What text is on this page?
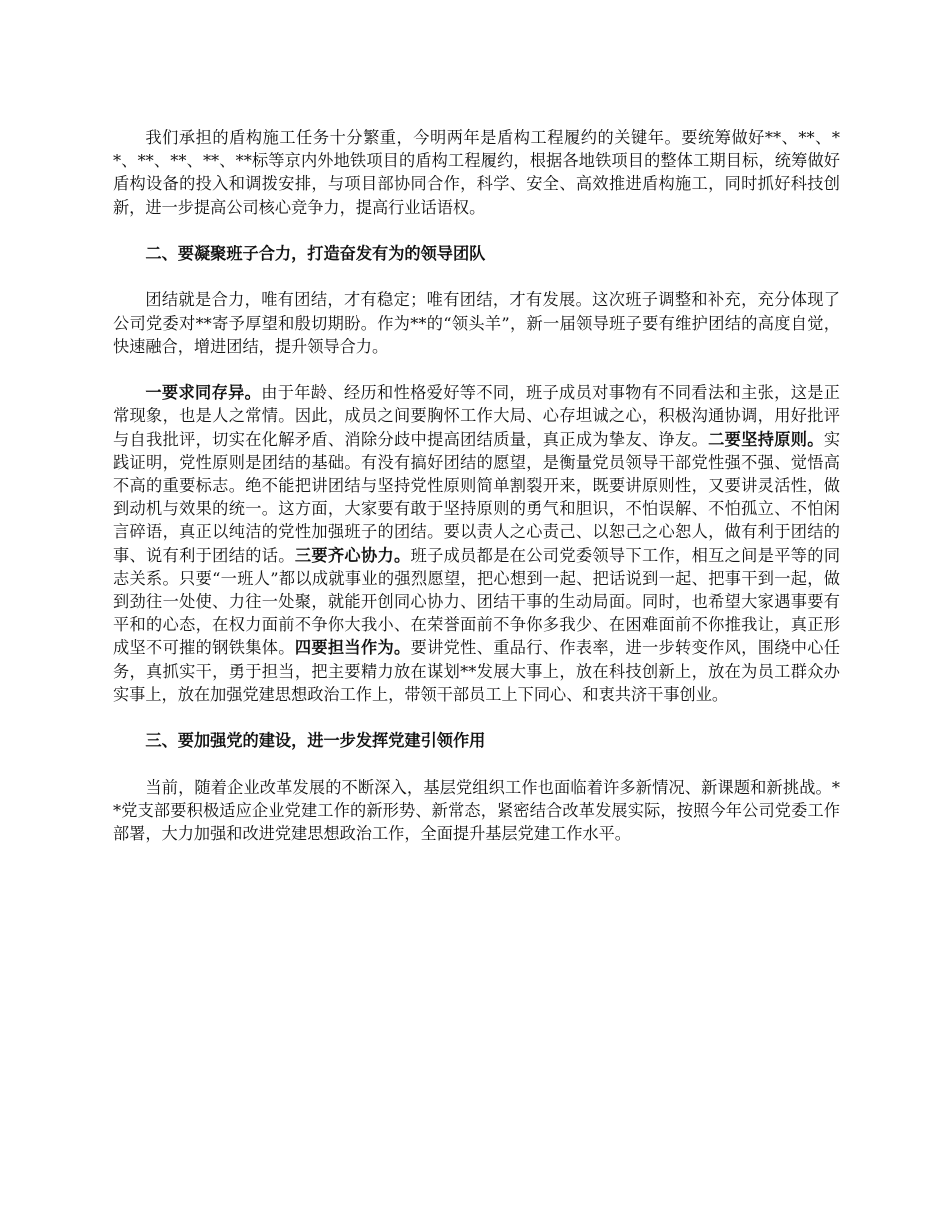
我们承担的盾构施工任务十分繁重，今明两年是盾构工程履约的关键年。要统筹做好**、**、**、**、**、**、**标等京内外地铁项目的盾构工程履约，根据各地铁项目的整体工期目标，统筹做好盾构设备的投入和调拨安排，与项目部协同合作，科学、安全、高效推进盾构施工，同时抓好科技创新，进一步提高公司核心竞争力，提高行业话语权。

二、要凝聚班子合力，打造奋发有为的领导团队

团结就是合力，唯有团结，才有稳定；唯有团结，才有发展。这次班子调整和补充，充分体现了公司党委对**寄予厚望和殷切期盼。作为**的“领头羊”，新一届领导班子要有维护团结的高度自觉，快速融合，增进团结，提升领导合力。

一要求同存异。由于年龄、经历和性格爱好等不同，班子成员对事物有不同看法和主张，这是正常现象，也是人之常情。因此，成员之间要胸怀工作大局、心存坦诚之心，积极沟通协调，用好批评与自我批评，切实在化解矛盾、消除分歧中提高团结质量，真正成为挚友、诤友。二要坚持原则。实践证明，党性原则是团结的基础。有没有搞好团结的愿望，是衡量党员领导干部党性强不强、觉悟高不高的重要标志。绝不能把讲团结与坚持党性原则简单割裂开来，既要讲原则性，又要讲灵活性，做到动机与效果的统一。这方面，大家要有敢于坚持原则的勇气和胆识，不怕误解、不怕孤立、不怕闲言碎语，真正以纯洁的党性加强班子的团结。要以责人之心责己、以恕己之心恕人，做有利于团结的事、说有利于团结的话。三要齐心协力。班子成员都是在公司党委领导下工作，相互之间是平等的同志关系。只要“一班人”都以成就事业的强烈愿望，把心想到一起、把话说到一起、把事干到一起，做到劲往一处使、力往一处聚，就能开创同心协力、团结干事的生动局面。同时，也希望大家遇事要有平和的心态，在权力面前不争你大我小、在荣誉面前不争你多我少、在困难面前不你推我让，真正形成坚不可摧的钢铁集体。四要担当作为。要讲党性、重品行、作表率，进一步转变作风，围绕中心任务，真抓实干，勇于担当，把主要精力放在谋划**发展大事上，放在科技创新上，放在为员工群众办实事上，放在加强党建思想政治工作上，带领干部员工上下同心、和衷共济干事创业。

三、要加强党的建设，进一步发挥党建引领作用

当前，随着企业改革发展的不断深入，基层党组织工作也面临着许多新情况、新课题和新挑战。**党支部要积极适应企业党建工作的新形势、新常态，紧密结合改革发展实际，按照今年公司党委工作部署，大力加强和改进党建思想政治工作，全面提升基层党建工作水平。
